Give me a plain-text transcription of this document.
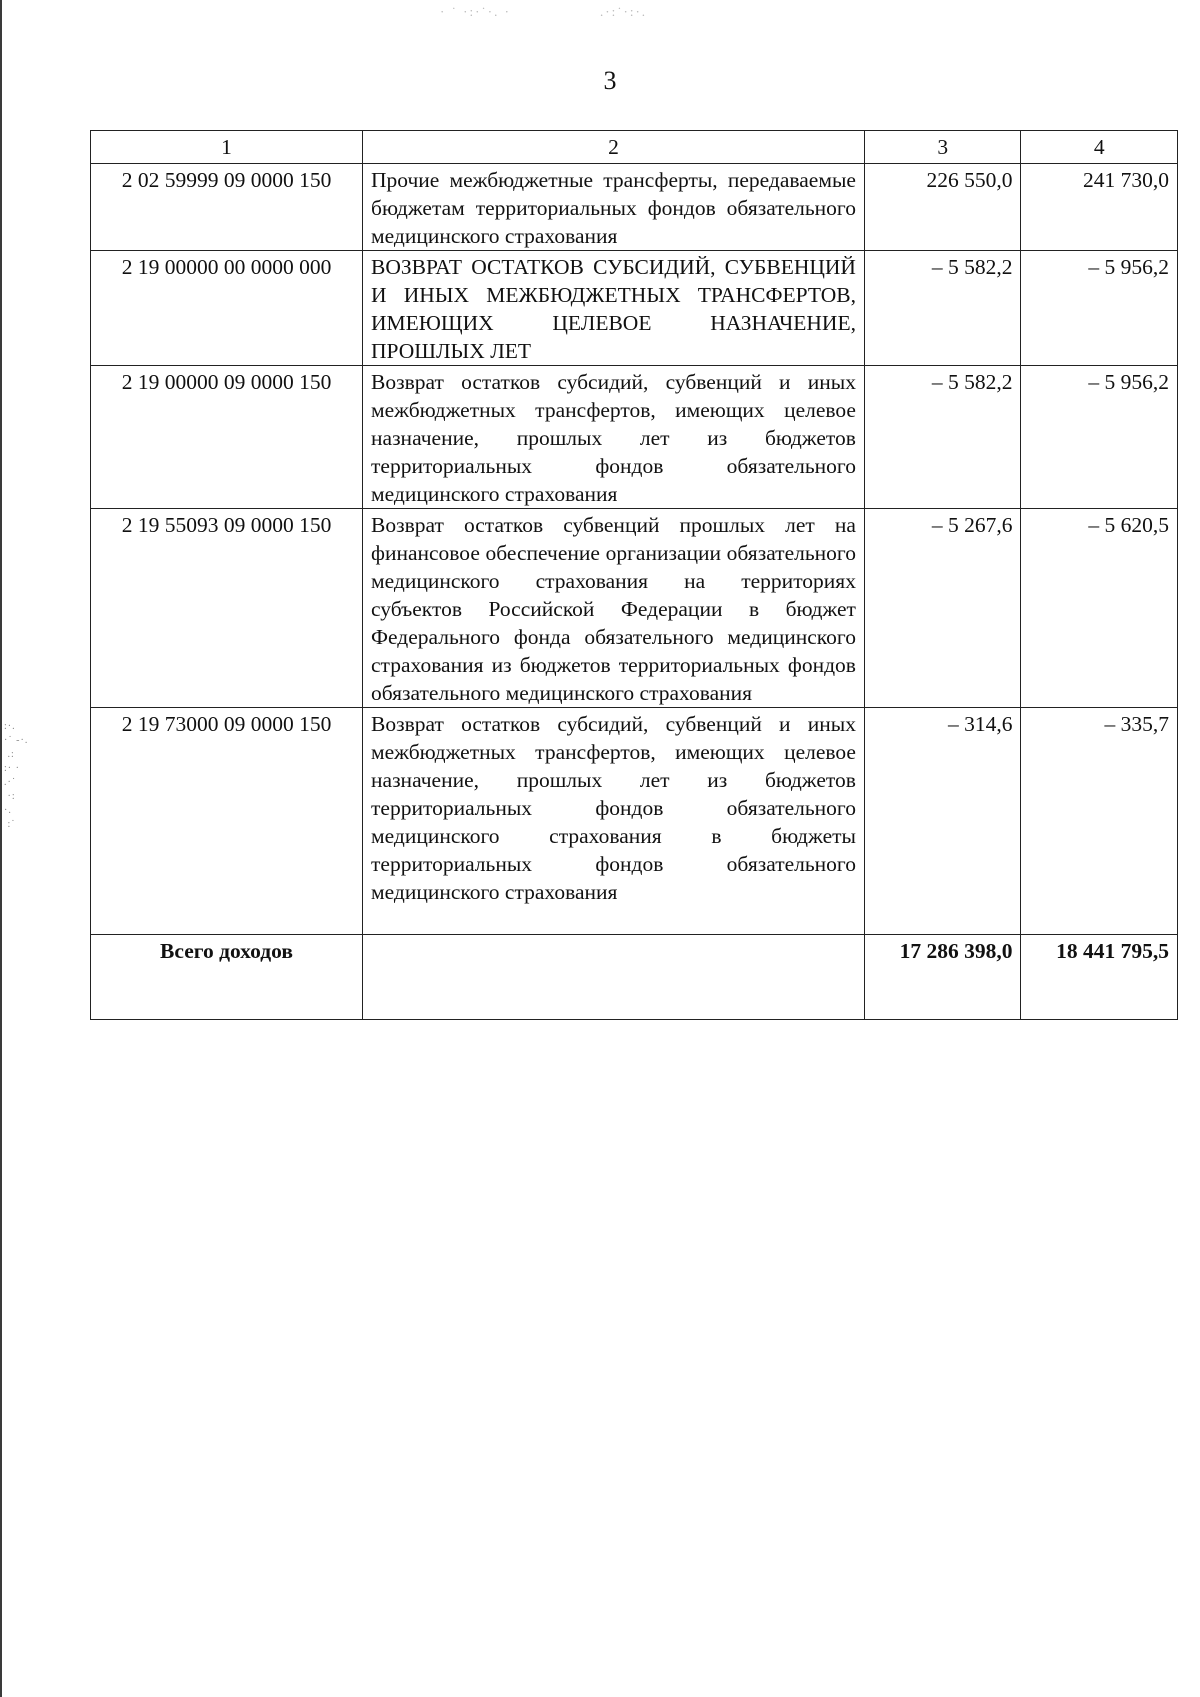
· ˙ ·:·˙·. ·	.·:˙·:·.
:·.
·˙ -·.
.:
:· ·
.·˙
·:
·.
:˙
3
1	2	3	4
2 02 59999 09 0000 150	Прочие межбюджетные трансферты, передаваемые бюджетам территориальных фондов обязательного медицинского страхования	226 550,0	241 730,0
2 19 00000 00 0000 000	ВОЗВРАТ ОСТАТКОВ СУБСИДИЙ, СУБВЕНЦИЙ И ИНЫХ МЕЖБЮДЖЕТНЫХ ТРАНСФЕРТОВ, ИМЕЮЩИХ ЦЕЛЕВОЕ НАЗНАЧЕНИЕ, ПРОШЛЫХ ЛЕТ	– 5 582,2	– 5 956,2
2 19 00000 09 0000 150	Возврат остатков субсидий, субвенций и иных межбюджетных трансфертов, имеющих целевое назначение, прошлых лет из бюджетов территориальных фондов обязательного медицинского страхования	– 5 582,2	– 5 956,2
2 19 55093 09 0000 150	Возврат остатков субвенций прошлых лет на финансовое обеспечение организации обязательного медицинского страхования на территориях субъектов Российской Федерации в бюджет Федерального фонда обязательного медицинского страхования из бюджетов территориальных фондов обязательного медицинского страхования	– 5 267,6	– 5 620,5
2 19 73000 09 0000 150	Возврат остатков субсидий, субвенций и иных межбюджетных трансфертов, имеющих целевое назначение, прошлых лет из бюджетов территориальных фондов обязательного медицинского страхования в бюджеты территориальных фондов обязательного медицинского страхования	– 314,6	– 335,7
Всего доходов		17 286 398,0	18 441 795,5
